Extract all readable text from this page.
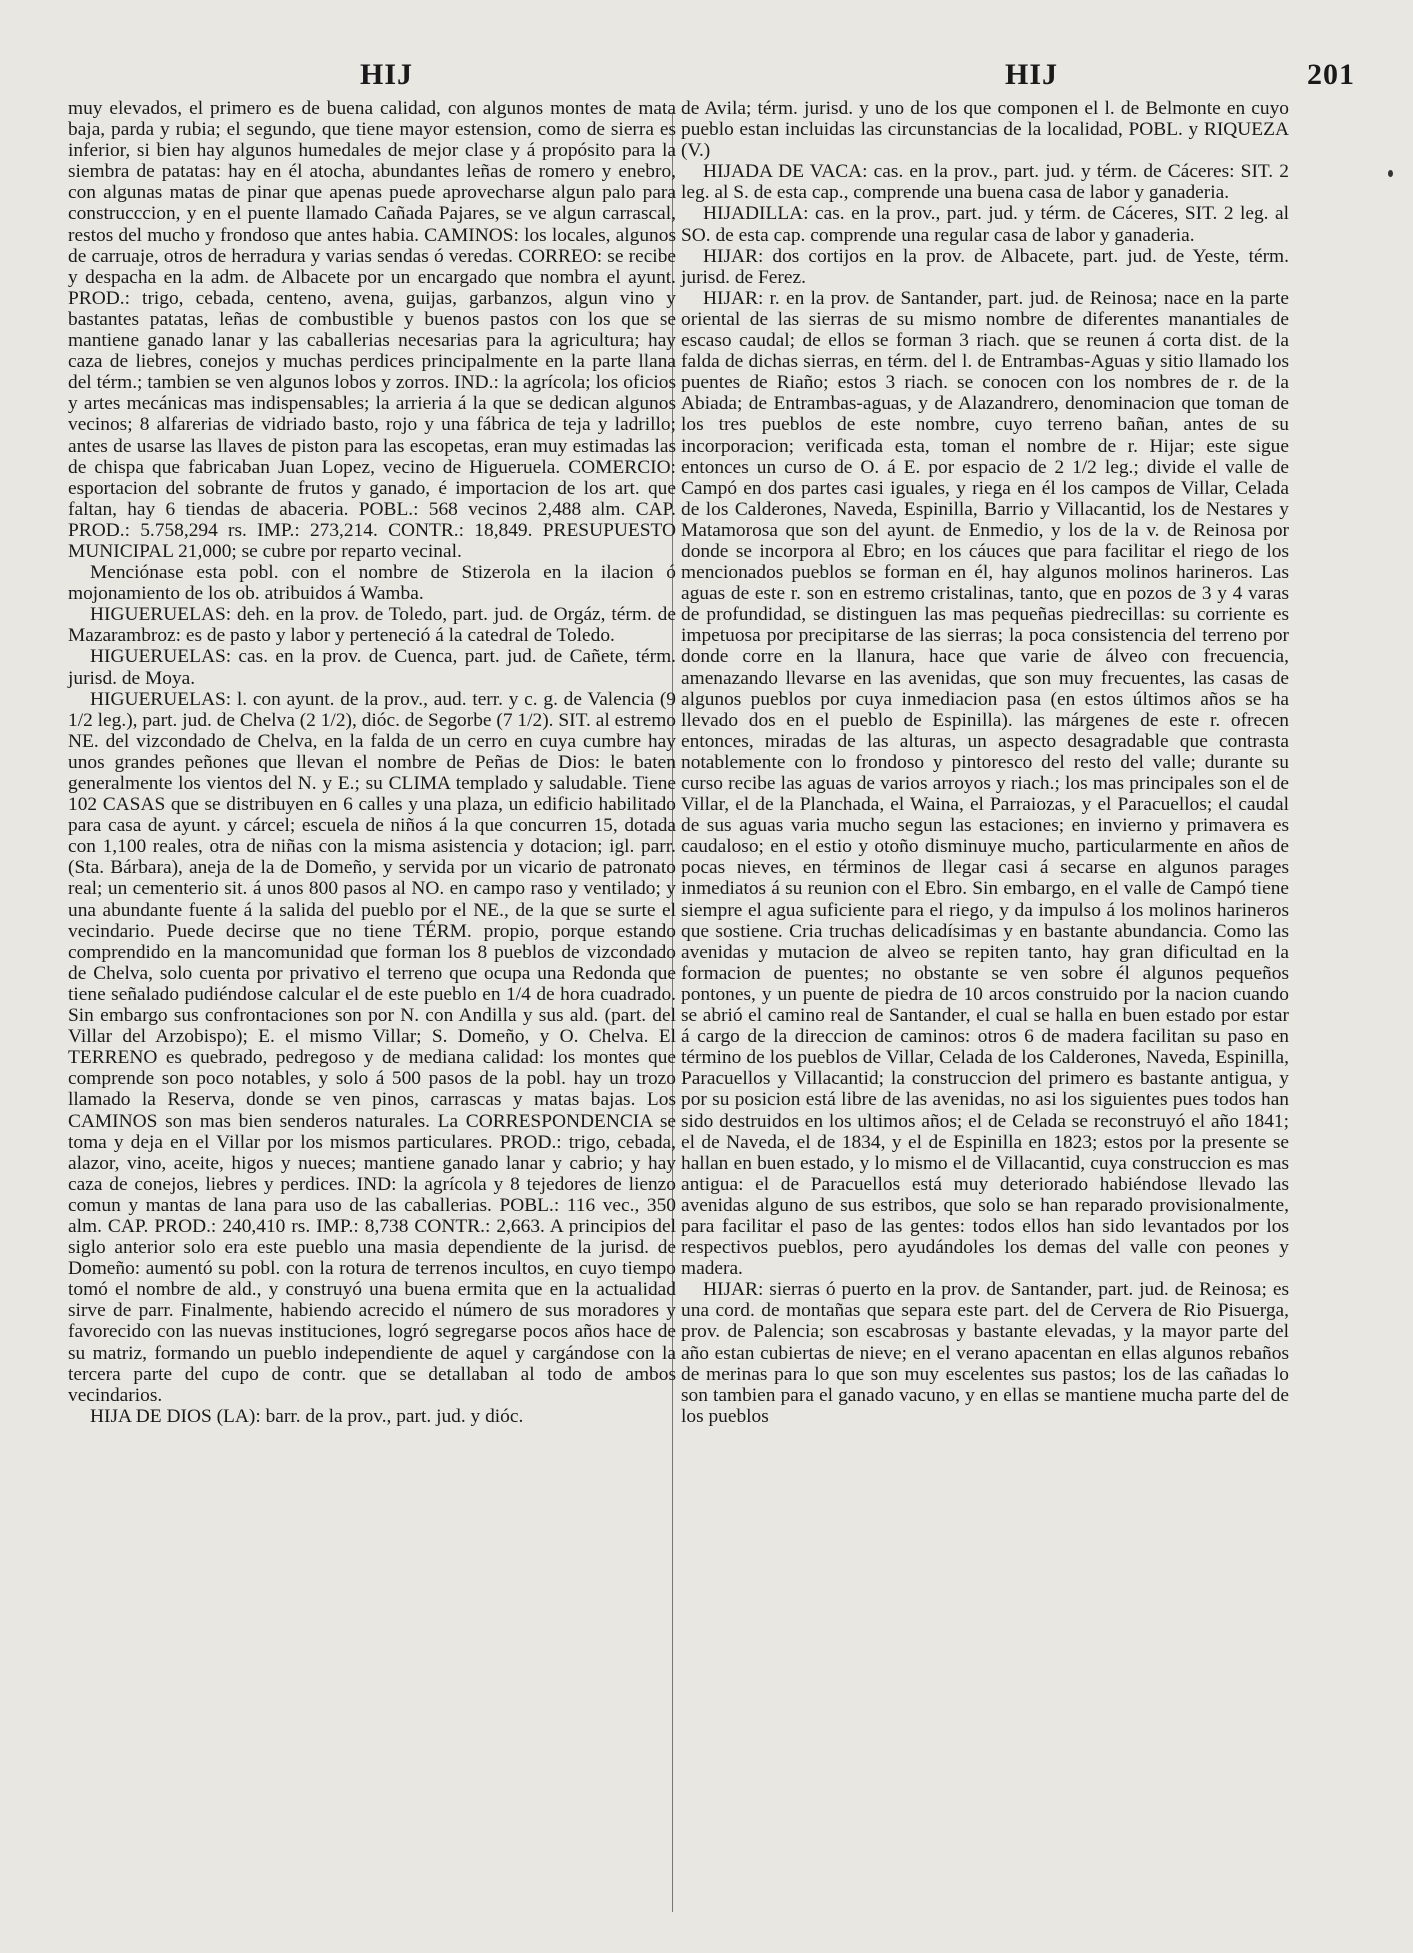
HIJ	HIJ	201

muy elevados, el primero es de buena calidad, con algunos montes de mata baja, parda y rubia; el segundo, que tiene mayor estension, como de sierra es inferior, si bien hay algunos humedales de mejor clase y á propósito para la siembra de patatas: hay en él atocha, abundantes leñas de romero y enebro, con algunas matas de pinar que apenas puede aprovecharse algun palo para construcccion, y en el puente llamado Cañada Pajares, se ve algun carrascal, restos del mucho y frondoso que antes habia. CAMINOS: los locales, algunos de carruaje, otros de herradura y varias sendas ó veredas. CORREO: se recibe y despacha en la adm. de Albacete por un encargado que nombra el ayunt. PROD.: trigo, cebada, centeno, avena, guijas, garbanzos, algun vino y bastantes patatas, leñas de combustible y buenos pastos con los que se mantiene ganado lanar y las caballerias necesarias para la agricultura; hay caza de liebres, conejos y muchas perdices principalmente en la parte llana del térm.; tambien se ven algunos lobos y zorros. IND.: la agrícola; los oficios y artes mecánicas mas indispensables; la arrieria á la que se dedican algunos vecinos; 8 alfarerias de vidriado basto, rojo y una fábrica de teja y ladrillo; antes de usarse las llaves de piston para las escopetas, eran muy estimadas las de chispa que fabricaban Juan Lopez, vecino de Higueruela. COMERCIO: esportacion del sobrante de frutos y ganado, é importacion de los art. que faltan, hay 6 tiendas de abaceria. POBL.: 568 vecinos 2,488 alm. CAP. PROD.: 5.758,294 rs. IMP.: 273,214. CONTR.: 18,849. PRESUPUESTO MUNICIPAL 21,000; se cubre por reparto vecinal.

Menciónase esta pobl. con el nombre de Stizerola en la ilacion ó mojonamiento de los ob. atribuidos á Wamba.

HIGUERUELAS: deh. en la prov. de Toledo, part. jud. de Orgáz, térm. de Mazarambroz: es de pasto y labor y perteneció á la catedral de Toledo.

HIGUERUELAS: cas. en la prov. de Cuenca, part. jud. de Cañete, térm. jurisd. de Moya.

HIGUERUELAS: l. con ayunt. de la prov., aud. terr. y c. g. de Valencia (9 1/2 leg.), part. jud. de Chelva (2 1/2), dióc. de Segorbe (7 1/2). SIT. al estremo NE. del vizcondado de Chelva, en la falda de un cerro en cuya cumbre hay unos grandes peñones que llevan el nombre de Peñas de Dios: le baten generalmente los vientos del N. y E.; su CLIMA templado y saludable. Tiene 102 CASAS que se distribuyen en 6 calles y una plaza, un edificio habilitado para casa de ayunt. y cárcel; escuela de niños á la que concurren 15, dotada con 1,100 reales, otra de niñas con la misma asistencia y dotacion; igl. parr. (Sta. Bárbara), aneja de la de Domeño, y servida por un vicario de patronato real; un cementerio sit. á unos 800 pasos al NO. en campo raso y ventilado; y una abundante fuente á la salida del pueblo por el NE., de la que se surte el vecindario. Puede decirse que no tiene TÉRM. propio, porque estando comprendido en la mancomunidad que forman los 8 pueblos de vizcondado de Chelva, solo cuenta por privativo el terreno que ocupa una Redonda que tiene señalado pudiéndose calcular el de este pueblo en 1/4 de hora cuadrado. Sin embargo sus confrontaciones son por N. con Andilla y sus ald. (part. del Villar del Arzobispo); E. el mismo Villar; S. Domeño, y O. Chelva. El TERRENO es quebrado, pedregoso y de mediana calidad: los montes que comprende son poco notables, y solo á 500 pasos de la pobl. hay un trozo llamado la Reserva, donde se ven pinos, carrascas y matas bajas. Los CAMINOS son mas bien senderos naturales. La CORRESPONDENCIA se toma y deja en el Villar por los mismos particulares. PROD.: trigo, cebada, alazor, vino, aceite, higos y nueces; mantiene ganado lanar y cabrio; y hay caza de conejos, liebres y perdices. IND: la agrícola y 8 tejedores de lienzo comun y mantas de lana para uso de las caballerias. POBL.: 116 vec., 350 alm. CAP. PROD.: 240,410 rs. IMP.: 8,738 CONTR.: 2,663. A principios del siglo anterior solo era este pueblo una masia dependiente de la jurisd. de Domeño: aumentó su pobl. con la rotura de terrenos incultos, en cuyo tiempo tomó el nombre de ald., y construyó una buena ermita que en la actualidad sirve de parr. Finalmente, habiendo acrecido el número de sus moradores y favorecido con las nuevas instituciones, logró segregarse pocos años hace de su matriz, formando un pueblo independiente de aquel y cargándose con la tercera parte del cupo de contr. que se detallaban al todo de ambos vecindarios.

HIJA DE DIOS (LA): barr. de la prov., part. jud. y dióc.

de Avila; térm. jurisd. y uno de los que componen el l. de Belmonte en cuyo pueblo estan incluidas las circunstancias de la localidad, POBL. y RIQUEZA (V.)

HIJADA DE VACA: cas. en la prov., part. jud. y térm. de Cáceres: SIT. 2 leg. al S. de esta cap., comprende una buena casa de labor y ganaderia.

HIJADILLA: cas. en la prov., part. jud. y térm. de Cáceres, SIT. 2 leg. al SO. de esta cap. comprende una regular casa de labor y ganaderia.

HIJAR: dos cortijos en la prov. de Albacete, part. jud. de Yeste, térm. jurisd. de Ferez.

HIJAR: r. en la prov. de Santander, part. jud. de Reinosa; nace en la parte oriental de las sierras de su mismo nombre de diferentes manantiales de escaso caudal; de ellos se forman 3 riach. que se reunen á corta dist. de la falda de dichas sierras, en térm. del l. de Entrambas-Aguas y sitio llamado los puentes de Riaño; estos 3 riach. se conocen con los nombres de r. de la Abiada; de Entrambas-aguas, y de Alazandrero, denominacion que toman de los tres pueblos de este nombre, cuyo terreno bañan, antes de su incorporacion; verificada esta, toman el nombre de r. Hijar; este sigue entonces un curso de O. á E. por espacio de 2 1/2 leg.; divide el valle de Campó en dos partes casi iguales, y riega en él los campos de Villar, Celada de los Calderones, Naveda, Espinilla, Barrio y Villacantid, los de Nestares y Matamorosa que son del ayunt. de Enmedio, y los de la v. de Reinosa por donde se incorpora al Ebro; en los cáuces que para facilitar el riego de los mencionados pueblos se forman en él, hay algunos molinos harineros. Las aguas de este r. son en estremo cristalinas, tanto, que en pozos de 3 y 4 varas de profundidad, se distinguen las mas pequeñas piedrecillas: su corriente es impetuosa por precipitarse de las sierras; la poca consistencia del terreno por donde corre en la llanura, hace que varie de álveo con frecuencia, amenazando llevarse en las avenidas, que son muy frecuentes, las casas de algunos pueblos por cuya inmediacion pasa (en estos últimos años se ha llevado dos en el pueblo de Espinilla). las márgenes de este r. ofrecen entonces, miradas de las alturas, un aspecto desagradable que contrasta notablemente con lo frondoso y pintoresco del resto del valle; durante su curso recibe las aguas de varios arroyos y riach.; los mas principales son el de Villar, el de la Planchada, el Waina, el Parraiozas, y el Paracuellos; el caudal de sus aguas varia mucho segun las estaciones; en invierno y primavera es caudaloso; en el estio y otoño disminuye mucho, particularmente en años de pocas nieves, en términos de llegar casi á secarse en algunos parages inmediatos á su reunion con el Ebro. Sin embargo, en el valle de Campó tiene siempre el agua suficiente para el riego, y da impulso á los molinos harineros que sostiene. Cria truchas delicadísimas y en bastante abundancia. Como las avenidas y mutacion de alveo se repiten tanto, hay gran dificultad en la formacion de puentes; no obstante se ven sobre él algunos pequeños pontones, y un puente de piedra de 10 arcos construido por la nacion cuando se abrió el camino real de Santander, el cual se halla en buen estado por estar á cargo de la direccion de caminos: otros 6 de madera facilitan su paso en término de los pueblos de Villar, Celada de los Calderones, Naveda, Espinilla, Paracuellos y Villacantid; la construccion del primero es bastante antigua, y por su posicion está libre de las avenidas, no asi los siguientes pues todos han sido destruidos en los ultimos años; el de Celada se reconstruyó el año 1841; el de Naveda, el de 1834, y el de Espinilla en 1823; estos por la presente se hallan en buen estado, y lo mismo el de Villacantid, cuya construccion es mas antigua: el de Paracuellos está muy deteriorado habiéndose llevado las avenidas alguno de sus estribos, que solo se han reparado provisionalmente, para facilitar el paso de las gentes: todos ellos han sido levantados por los respectivos pueblos, pero ayudándoles los demas del valle con peones y madera.

HIJAR: sierras ó puerto en la prov. de Santander, part. jud. de Reinosa; es una cord. de montañas que separa este part. del de Cervera de Rio Pisuerga, prov. de Palencia; son escabrosas y bastante elevadas, y la mayor parte del año estan cubiertas de nieve; en el verano apacentan en ellas algunos rebaños de merinas para lo que son muy escelentes sus pastos; los de las cañadas lo son tambien para el ganado vacuno, y en ellas se mantiene mucha parte del de los pueblos
